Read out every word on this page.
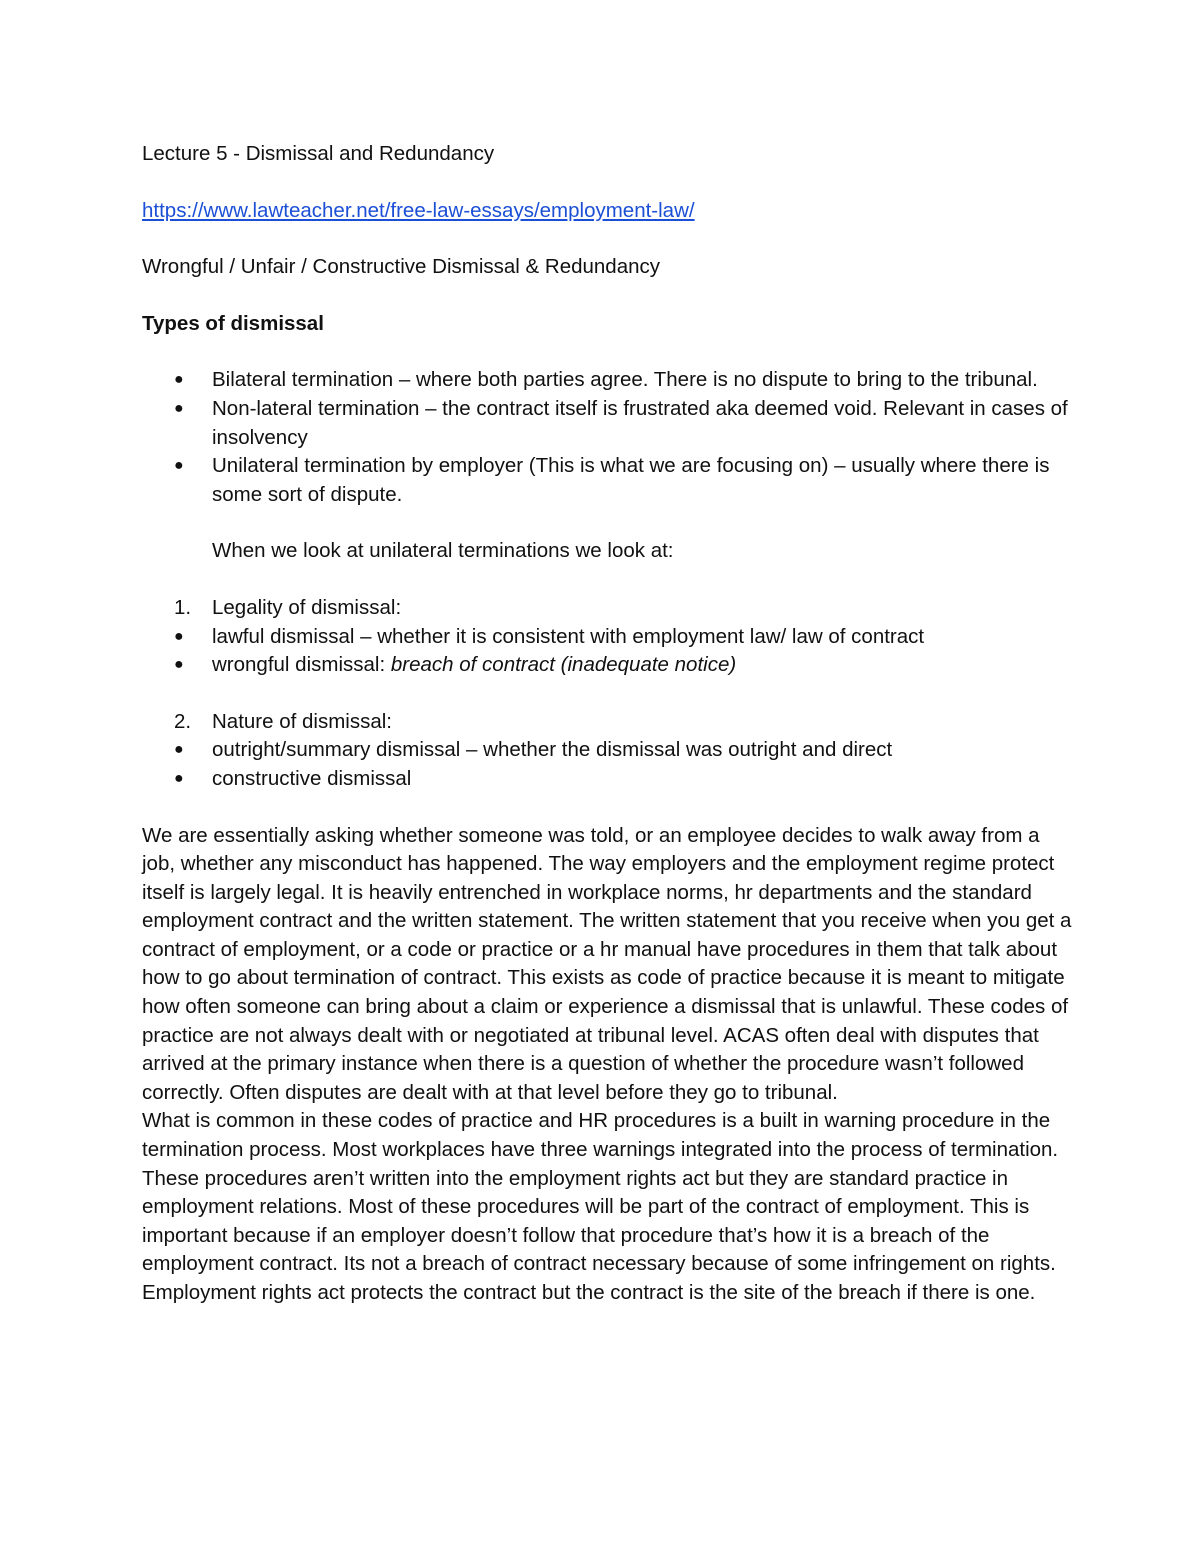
Lecture 5 - Dismissal and Redundancy
https://www.lawteacher.net/free-law-essays/employment-law/
Wrongful / Unfair / Constructive Dismissal & Redundancy
Types of dismissal
● Bilateral termination – where both parties agree. There is no dispute to bring to the tribunal.
● Non-lateral termination – the contract itself is frustrated aka deemed void. Relevant in cases of insolvency
● Unilateral termination by employer (This is what we are focusing on) – usually where there is some sort of dispute.
When we look at unilateral terminations we look at:
1. Legality of dismissal:
● lawful dismissal – whether it is consistent with employment law/ law of contract
● wrongful dismissal: breach of contract (inadequate notice)
2. Nature of dismissal:
● outright/summary dismissal – whether the dismissal was outright and direct
● constructive dismissal

We are essentially asking whether someone was told, or an employee decides to walk away from a job, whether any misconduct has happened. The way employers and the employment regime protect itself is largely legal. It is heavily entrenched in workplace norms, hr departments and the standard employment contract and the written statement. The written statement that you receive when you get a contract of employment, or a code or practice or a hr manual have procedures in them that talk about how to go about termination of contract. This exists as code of practice because it is meant to mitigate how often someone can bring about a claim or experience a dismissal that is unlawful. These codes of practice are not always dealt with or negotiated at tribunal level. ACAS often deal with disputes that arrived at the primary instance when there is a question of whether the procedure wasn’t followed correctly. Often disputes are dealt with at that level before they go to tribunal.

What is common in these codes of practice and HR procedures is a built in warning procedure in the termination process. Most workplaces have three warnings integrated into the process of termination. These procedures aren’t written into the employment rights act but they are standard practice in employment relations. Most of these procedures will be part of the contract of employment. This is important because if an employer doesn’t follow that procedure that’s how it is a breach of the employment contract. Its not a breach of contract necessary because of some infringement on rights. Employment rights act protects the contract but the contract is the site of the breach if there is one.
